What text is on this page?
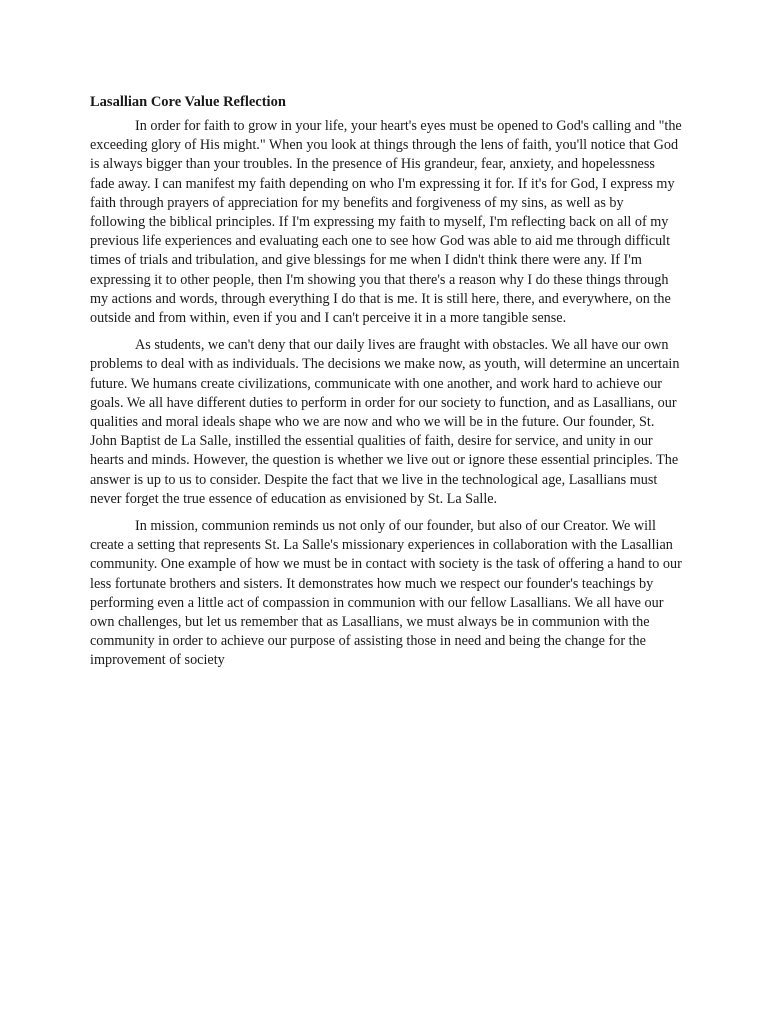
Lasallian Core Value Reflection

In order for faith to grow in your life, your heart's eyes must be opened to God's calling and "the exceeding glory of His might." When you look at things through the lens of faith, you'll notice that God is always bigger than your troubles. In the presence of His grandeur, fear, anxiety, and hopelessness fade away. I can manifest my faith depending on who I'm expressing it for. If it's for God, I express my faith through prayers of appreciation for my benefits and forgiveness of my sins, as well as by following the biblical principles. If I'm expressing my faith to myself, I'm reflecting back on all of my previous life experiences and evaluating each one to see how God was able to aid me through difficult times of trials and tribulation, and give blessings for me when I didn't think there were any. If I'm expressing it to other people, then I'm showing you that there's a reason why I do these things through my actions and words, through everything I do that is me. It is still here, there, and everywhere, on the outside and from within, even if you and I can't perceive it in a more tangible sense.

As students, we can't deny that our daily lives are fraught with obstacles. We all have our own problems to deal with as individuals. The decisions we make now, as youth, will determine an uncertain future. We humans create civilizations, communicate with one another, and work hard to achieve our goals. We all have different duties to perform in order for our society to function, and as Lasallians, our qualities and moral ideals shape who we are now and who we will be in the future. Our founder, St. John Baptist de La Salle, instilled the essential qualities of faith, desire for service, and unity in our hearts and minds. However, the question is whether we live out or ignore these essential principles. The answer is up to us to consider. Despite the fact that we live in the technological age, Lasallians must never forget the true essence of education as envisioned by St. La Salle.

In mission, communion reminds us not only of our founder, but also of our Creator. We will create a setting that represents St. La Salle's missionary experiences in collaboration with the Lasallian community. One example of how we must be in contact with society is the task of offering a hand to our less fortunate brothers and sisters. It demonstrates how much we respect our founder's teachings by performing even a little act of compassion in communion with our fellow Lasallians. We all have our own challenges, but let us remember that as Lasallians, we must always be in communion with the community in order to achieve our purpose of assisting those in need and being the change for the improvement of society
